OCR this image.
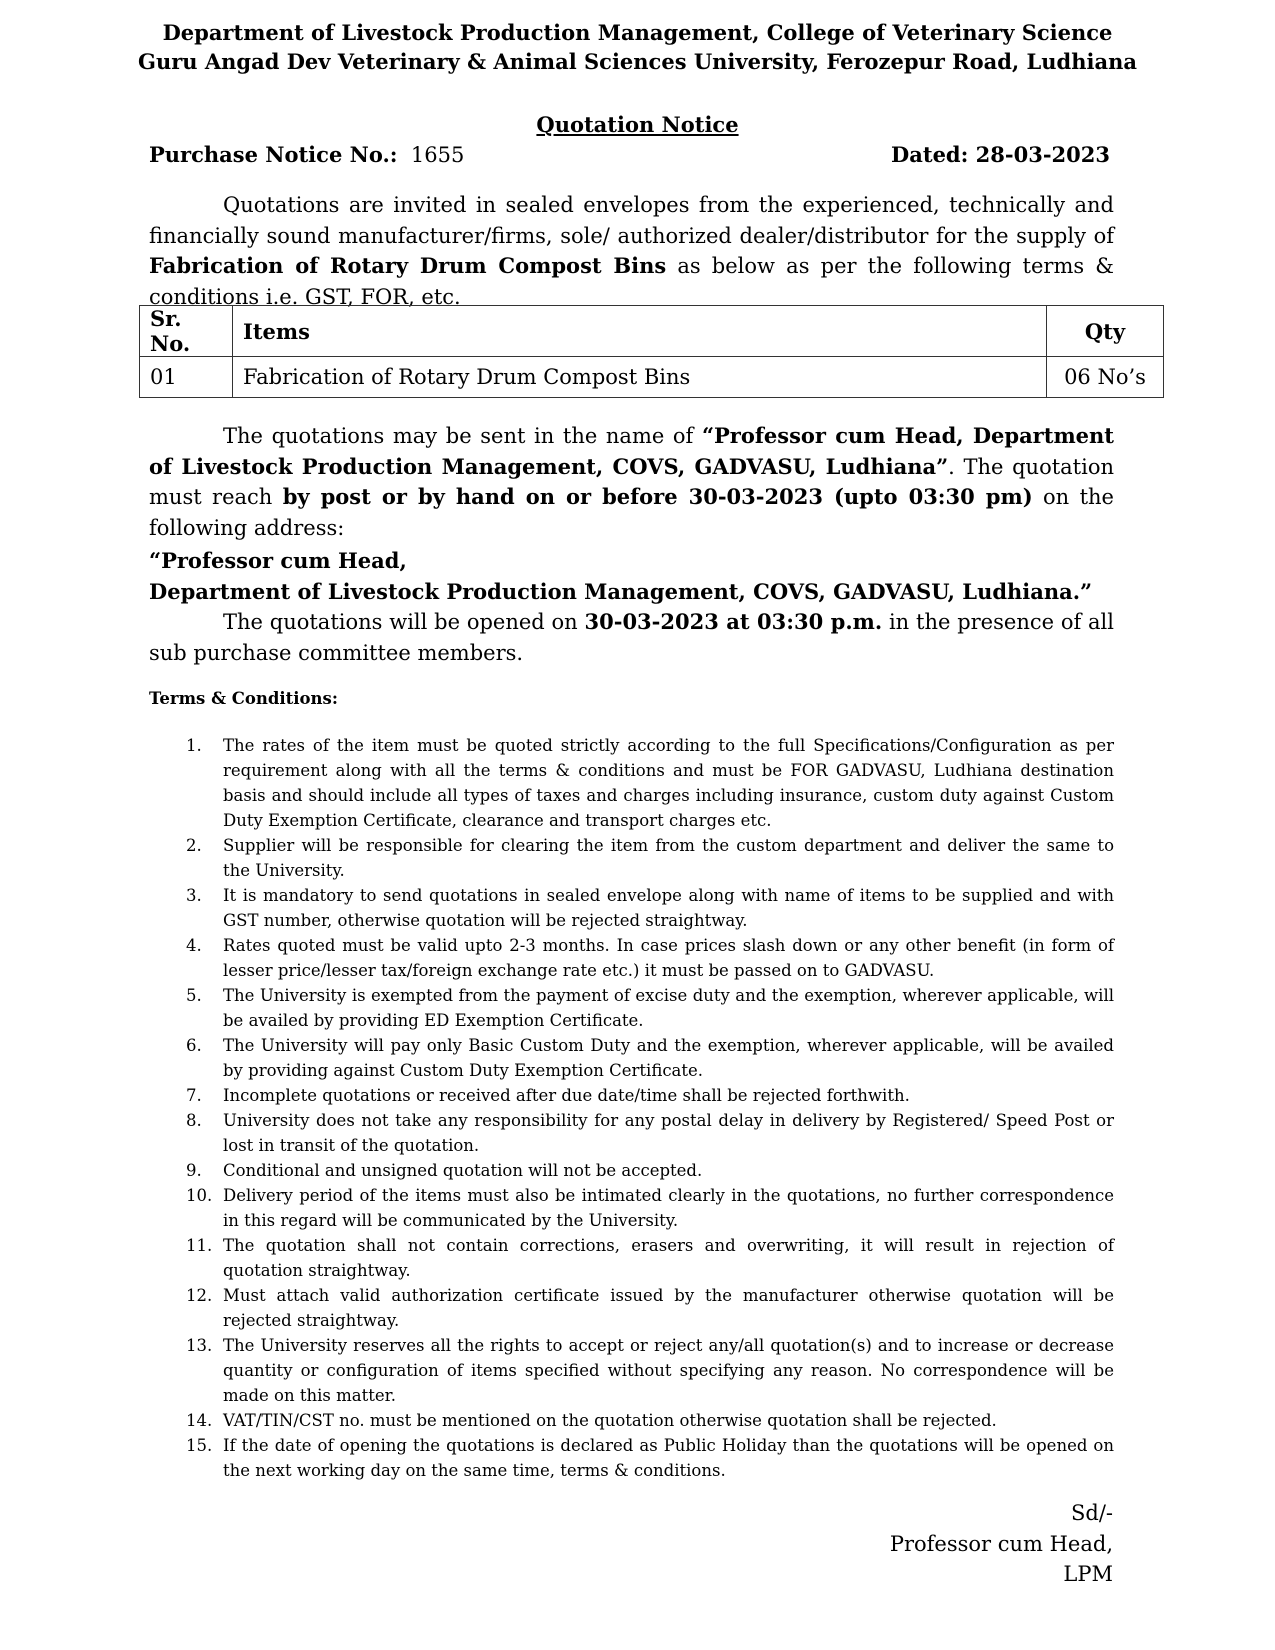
Department of Livestock Production Management, College of Veterinary Science
Guru Angad Dev Veterinary & Animal Sciences University, Ferozepur Road, Ludhiana
Quotation Notice
Purchase Notice No.: 1655	Dated: 28-03-2023
Quotations are invited in sealed envelopes from the experienced, technically and financially sound manufacturer/firms, sole/ authorized dealer/distributor for the supply of Fabrication of Rotary Drum Compost Bins as below as per the following terms & conditions i.e. GST, FOR, etc.
Sr. No.	Items	Qty
01	Fabrication of Rotary Drum Compost Bins	06 No’s
The quotations may be sent in the name of “Professor cum Head, Department of Livestock Production Management, COVS, GADVASU, Ludhiana”. The quotation must reach by post or by hand on or before 30-03-2023 (upto 03:30 pm) on the following address:
“Professor cum Head,
Department of Livestock Production Management, COVS, GADVASU, Ludhiana.”
The quotations will be opened on 30-03-2023 at 03:30 p.m. in the presence of all sub purchase committee members.
Terms & Conditions:
1.	The rates of the item must be quoted strictly according to the full Specifications/Configuration as per requirement along with all the terms & conditions and must be FOR GADVASU, Ludhiana destination basis and should include all types of taxes and charges including insurance, custom duty against Custom Duty Exemption Certificate, clearance and transport charges etc.
2.	Supplier will be responsible for clearing the item from the custom department and deliver the same to the University.
3.	It is mandatory to send quotations in sealed envelope along with name of items to be supplied and with GST number, otherwise quotation will be rejected straightway.
4.	Rates quoted must be valid upto 2-3 months. In case prices slash down or any other benefit (in form of lesser price/lesser tax/foreign exchange rate etc.) it must be passed on to GADVASU.
5.	The University is exempted from the payment of excise duty and the exemption, wherever applicable, will be availed by providing ED Exemption Certificate.
6.	The University will pay only Basic Custom Duty and the exemption, wherever applicable, will be availed by providing against Custom Duty Exemption Certificate.
7.	Incomplete quotations or received after due date/time shall be rejected forthwith.
8.	University does not take any responsibility for any postal delay in delivery by Registered/ Speed Post or lost in transit of the quotation.
9.	Conditional and unsigned quotation will not be accepted.
10. Delivery period of the items must also be intimated clearly in the quotations, no further correspondence in this regard will be communicated by the University.
11. The quotation shall not contain corrections, erasers and overwriting, it will result in rejection of quotation straightway.
12. Must attach valid authorization certificate issued by the manufacturer otherwise quotation will be rejected straightway.
13. The University reserves all the rights to accept or reject any/all quotation(s) and to increase or decrease quantity or configuration of items specified without specifying any reason. No correspondence will be made on this matter.
14. VAT/TIN/CST no. must be mentioned on the quotation otherwise quotation shall be rejected.
15. If the date of opening the quotations is declared as Public Holiday than the quotations will be opened on the next working day on the same time, terms & conditions.
Sd/-
Professor cum Head,
LPM
